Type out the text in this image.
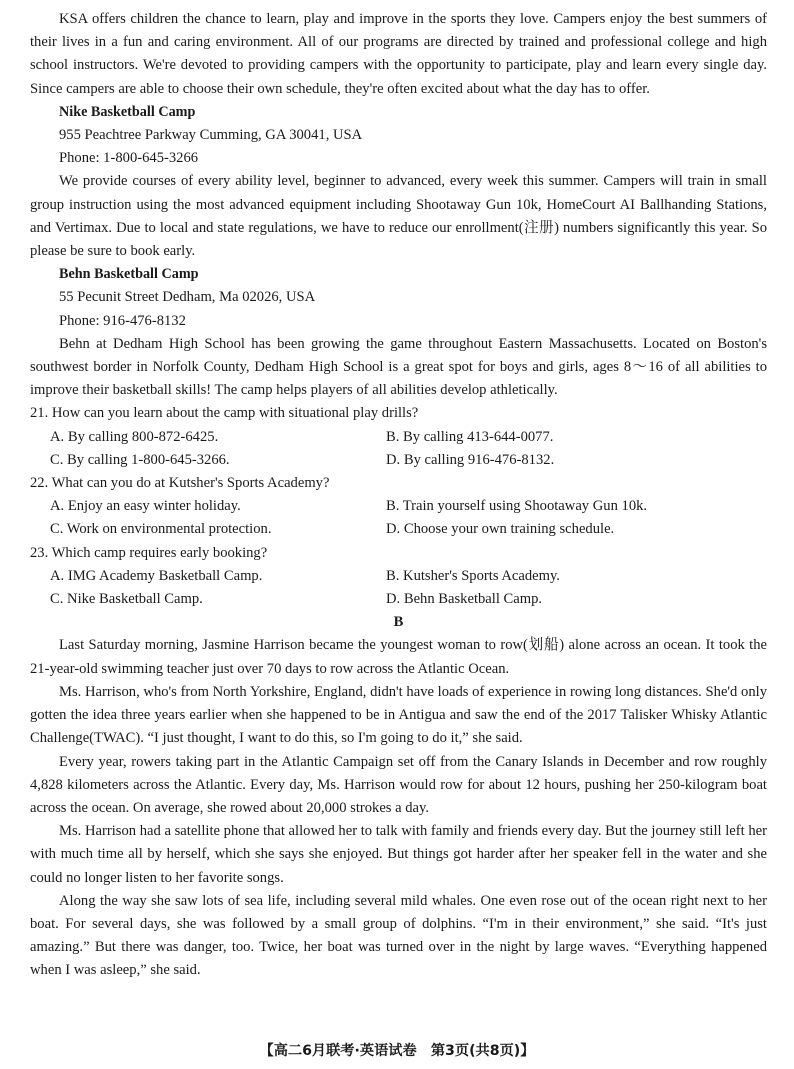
KSA offers children the chance to learn, play and improve in the sports they love. Campers enjoy the best summers of their lives in a fun and caring environment. All of our programs are directed by trained and professional college and high school instructors. We're devoted to providing campers with the opportunity to participate, play and learn every single day. Since campers are able to choose their own schedule, they're often excited about what the day has to offer.

Nike Basketball Camp
955 Peachtree Parkway Cumming, GA 30041, USA
Phone: 1-800-645-3266

We provide courses of every ability level, beginner to advanced, every week this summer. Campers will train in small group instruction using the most advanced equipment including Shootaway Gun 10k, HomeCourt AI Ballhanding Stations, and Vertimax. Due to local and state regulations, we have to reduce our enrollment(注册) numbers significantly this year. So please be sure to book early.

Behn Basketball Camp
55 Pecunit Street Dedham, Ma 02026, USA
Phone: 916-476-8132

Behn at Dedham High School has been growing the game throughout Eastern Massachusetts. Located on Boston's southwest border in Norfolk County, Dedham High School is a great spot for boys and girls, ages 8～16 of all abilities to improve their basketball skills! The camp helps players of all abilities develop athletically.

21. How can you learn about the camp with situational play drills?
A. By calling 800-872-6425.	B. By calling 413-644-0077.
C. By calling 1-800-645-3266.	D. By calling 916-476-8132.
22. What can you do at Kutsher's Sports Academy?
A. Enjoy an easy winter holiday.	B. Train yourself using Shootaway Gun 10k.
C. Work on environmental protection.	D. Choose your own training schedule.
23. Which camp requires early booking?
A. IMG Academy Basketball Camp.	B. Kutsher's Sports Academy.
C. Nike Basketball Camp.	D. Behn Basketball Camp.
B

Last Saturday morning, Jasmine Harrison became the youngest woman to row(划船) alone across an ocean. It took the 21-year-old swimming teacher just over 70 days to row across the Atlantic Ocean.

Ms. Harrison, who's from North Yorkshire, England, didn't have loads of experience in rowing long distances. She'd only gotten the idea three years earlier when she happened to be in Antigua and saw the end of the 2017 Talisker Whisky Atlantic Challenge(TWAC). “I just thought, I want to do this, so I'm going to do it,” she said.

Every year, rowers taking part in the Atlantic Campaign set off from the Canary Islands in December and row roughly 4,828 kilometers across the Atlantic. Every day, Ms. Harrison would row for about 12 hours, pushing her 250-kilogram boat across the ocean. On average, she rowed about 20,000 strokes a day.

Ms. Harrison had a satellite phone that allowed her to talk with family and friends every day. But the journey still left her with much time all by herself, which she says she enjoyed. But things got harder after her speaker fell in the water and she could no longer listen to her favorite songs.

Along the way she saw lots of sea life, including several mild whales. One even rose out of the ocean right next to her boat. For several days, she was followed by a small group of dolphins. “I'm in their environment,” she said. “It's just amazing.” But there was danger, too. Twice, her boat was turned over in the night by large waves. “Everything happened when I was asleep,” she said.

【高二6月联考·英语试卷　第3页(共8页)】
